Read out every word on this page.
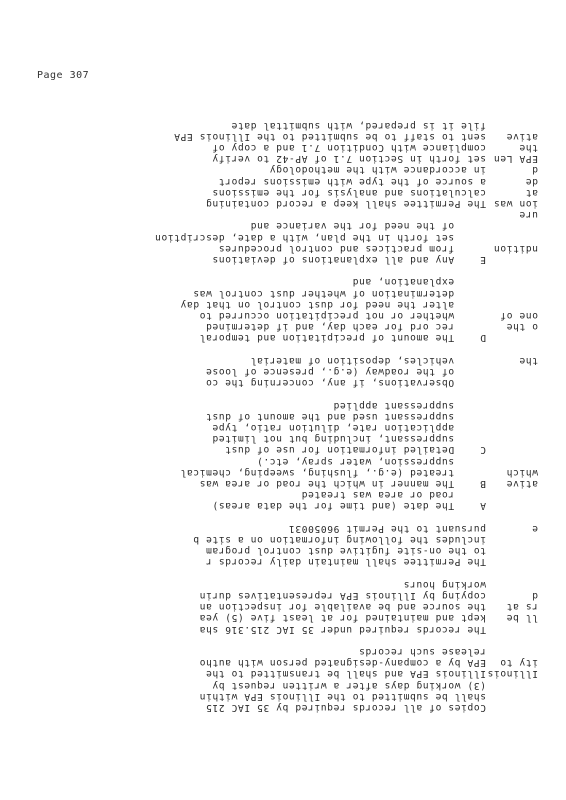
Page 307
Copies of all records required by 35 IAC 215
shall be submitted to the Illinois EPA within
(3) working days after a written request by
Illinois EPA and shall be transmitted to the
EPA by a company-designated person with autho
release such records
The records required under 35 IAC 215.316 sha
kept and maintained for at least five (5) yea
the source and be available for inspection an
copying by Illinois EPA representatives durin
working hours
The Permittee shall maintain daily records r
to the on-site fugitive dust control program
includes the following information on a site b
pursuant to the Permit 96050031
A    The date (and time for the data areas)
road or area was treated
B    The manner in which the road or area was
treated (e.g., flushing, sweeping, chemical
suppression, water spray, etc.)
C    Detailed information for use of dust
suppressant, including but not limited
application rate, dilution ratio, type
suppressant used and the amount of dust
suppressant applied
Observations, if any, concerning the co
of the roadway (e.g., presence of loose
vehicles, deposition of material
D    The amount of precipitation and temporal
rec ord for each day, and if determined
whether or not precipitation occurred to
alter the need for dust control on that day
determination of whether dust control was
explanation, and
E    Any and all explanations of deviations
from practices and control procedures
set forth in the plan, with a date, description
of the need for the variance and
The Permittee shall keep a record containing
calculations and analysis for the emissions
a source of the type with emissions report
in accordance with the methodology
set forth in Section 7.1 of AP-42 to verify
compliance with Condition 7.1 and a copy of
sent to staff to be submitted to the Illinois EPA
file it is prepared, with submittal date
Illinois
ity to
ll be
rs at
d
e
ative
which
the
o the
one of
ndition
ure
ion was
at
de
d
EPA Len
the
ative
